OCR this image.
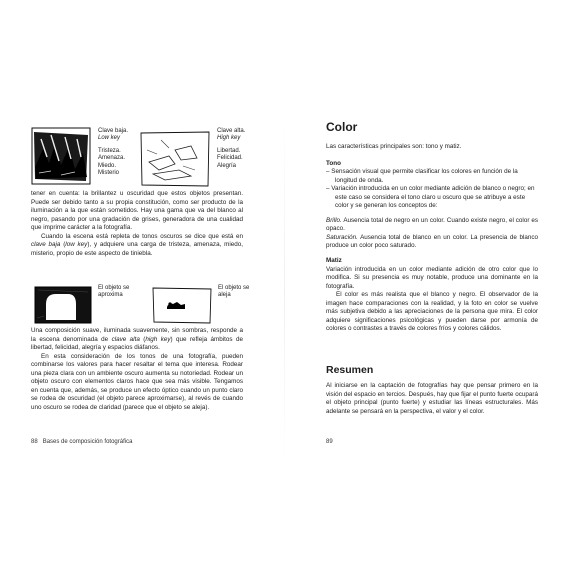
Clave baja.
Low key
Tristeza.
Amenaza.
Miedo.
Misterio
Clave alta.
High key
Libertad.
Felicidad.
Alegría

tener en cuenta: la brillantez u oscuridad que estos objetos presentan. Puede ser debido tanto a su propia constitución, como ser producto de la iluminación a la que están sometidos. Hay una gama que va del blanco al negro, pasando por una gradación de grises, generadora de una cualidad que imprime carácter a la fotografía.

Cuando la escena está repleta de tonos oscuros se dice que está en clave baja (low key), y adquiere una carga de tristeza, amenaza, miedo, misterio, propio de este aspecto de tiniebla.

El objeto se aproxima
El objeto se aleja

Una composición suave, iluminada suavemente, sin sombras, responde a la escena denominada de clave alta (high key) que refleja ámbitos de libertad, felicidad, alegría y espacios diáfanos.

En esta consideración de los tonos de una fotografía, pueden combinarse los valores para hacer resaltar el tema que interesa. Rodear una pieza clara con un ambiente oscuro aumenta su notoriedad. Rodear un objeto oscuro con elementos claros hace que sea más visible. Tengamos en cuenta que, además, se produce un efecto óptico cuando un punto claro se rodea de oscuridad (el objeto parece aproximarse), al revés de cuando uno oscuro se rodea de claridad (parece que el objeto se aleja).

88 Bases de composición fotográfica
Color

Las características principales son: tono y matiz.

Tono

– Sensación visual que permite clasificar los colores en función de la longitud de onda.

– Variación introducida en un color mediante adición de blanco o negro; en este caso se considera el tono claro u oscuro que se atribuye a este color y se generan los conceptos de:

Brillo. Ausencia total de negro en un color. Cuando existe negro, el color es opaco.

Saturación. Ausencia total de blanco en un color. La presencia de blanco produce un color poco saturado.

Matiz

Variación introducida en un color mediante adición de otro color que lo modifica. Si su presencia es muy notable, produce una dominante en la fotografía.

El color es más realista que el blanco y negro. El observador de la imagen hace comparaciones con la realidad, y la foto en color se vuelve más subjetiva debido a las apreciaciones de la persona que mira. El color adquiere significaciones psicológicas y pueden darse por armonía de colores o contrastes a través de colores fríos y colores cálidos.

Resumen

Al iniciarse en la captación de fotografías hay que pensar primero en la visión del espacio en tercios. Después, hay que fijar el punto fuerte ocupará el objeto principal (punto fuerte) y estudiar las líneas estructurales. Más adelante se pensará en la perspectiva, el valor y el color.

89
